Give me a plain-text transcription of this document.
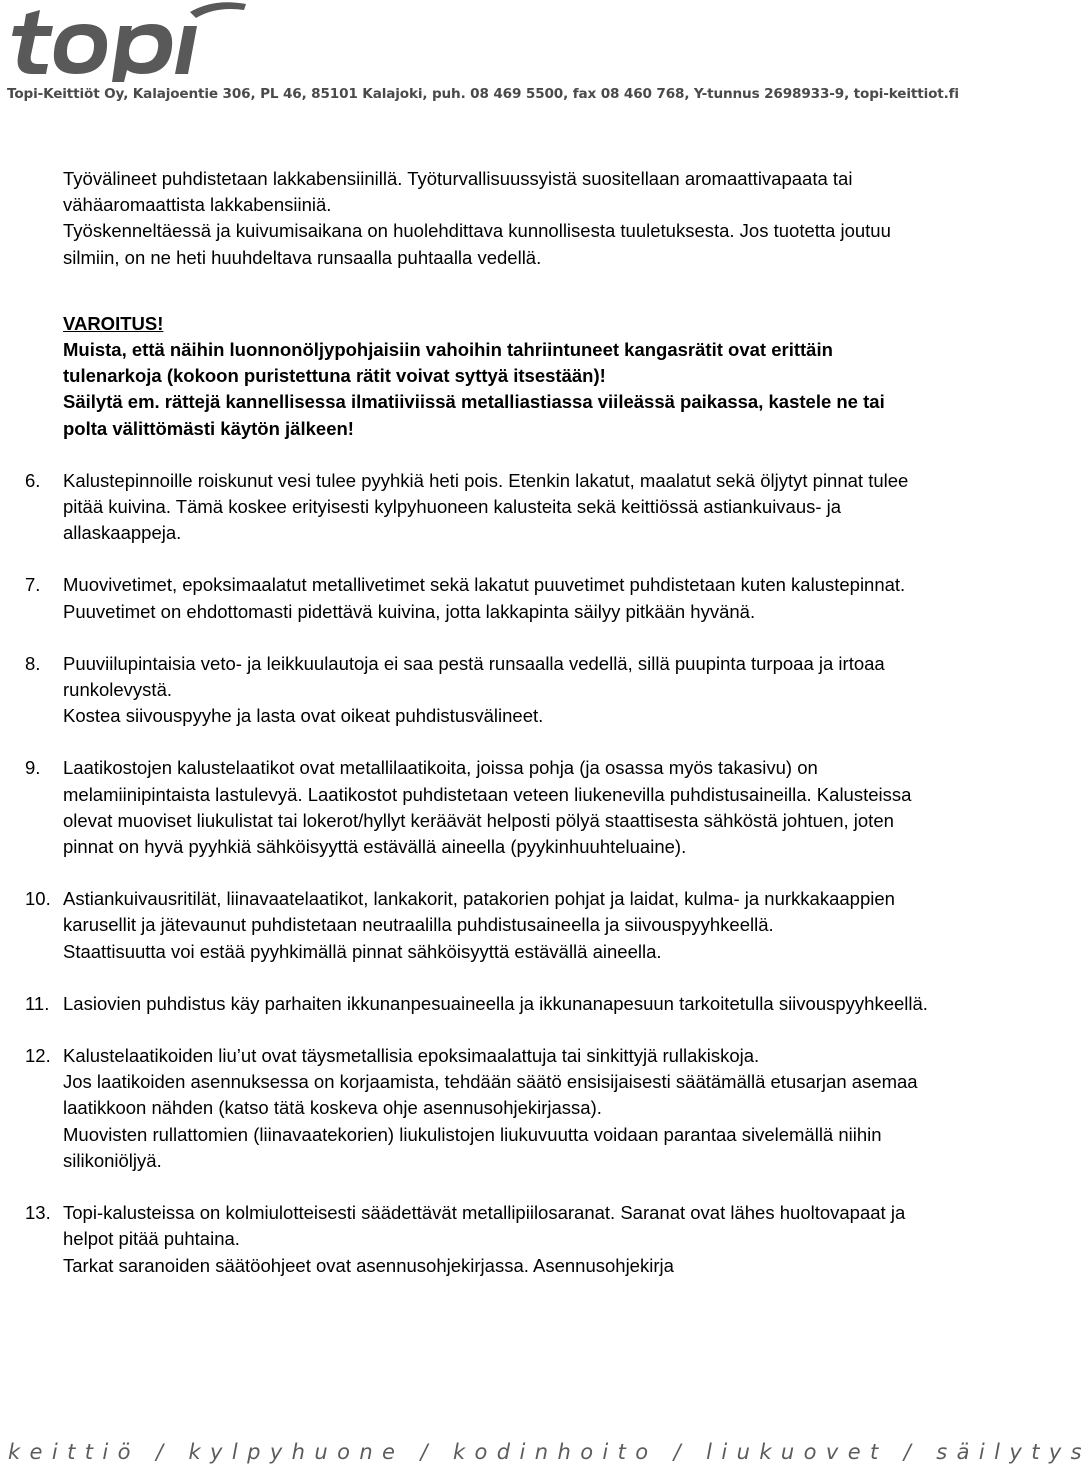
Topi-Keittiöt Oy, Kalajoentie 306, PL 46, 85101 Kalajoki, puh. 08 469 5500, fax 08 460 768, Y-tunnus 2698933-9, topi-keittiot.fi

Työvälineet puhdistetaan lakkabensiinillä. Työturvallisuussyistä suositellaan aromaattivapaata tai vähäaromaattista lakkabensiiniä.

Työskenneltäessä ja kuivumisaikana on huolehdittava kunnollisesta tuuletuksesta. Jos tuotetta joutuu silmiin, on ne heti huuhdeltava runsaalla puhtaalla vedellä.

VAROITUS!

Muista, että näihin luonnonöljypohjaisiin vahoihin tahriintuneet kangasrätit ovat erittäin tulenarkoja (kokoon puristettuna rätit voivat syttyä itsestään)!

Säilytä em. rättejä kannellisessa ilmatiiviissä metalliastiassa viileässä paikassa, kastele ne tai polta välittömästi käytön jälkeen!

6. Kalustepinnoille roiskunut vesi tulee pyyhkiä heti pois. Etenkin lakatut, maalatut sekä öljytyt pinnat tulee pitää kuivina. Tämä koskee erityisesti kylpyhuoneen kalusteita sekä keittiössä astiankuivaus- ja allaskaappeja.

7. Muovivetimet, epoksimaalatut metallivetimet sekä lakatut puuvetimet puhdistetaan kuten kalustepinnat.

Puuvetimet on ehdottomasti pidettävä kuivina, jotta lakkapinta säilyy pitkään hyvänä.

8. Puuviilupintaisia veto- ja leikkuulautoja ei saa pestä runsaalla vedellä, sillä puupinta turpoaa ja irtoaa runkolevystä.

Kostea siivouspyyhe ja lasta ovat oikeat puhdistusvälineet.

9. Laatikostojen kalustelaatikot ovat metallilaatikoita, joissa pohja (ja osassa myös takasivu) on melamiinipintaista lastulevyä. Laatikostot puhdistetaan veteen liukenevilla puhdistusaineilla. Kalusteissa olevat muoviset liukulistat tai lokerot/hyllyt keräävät helposti pölyä staattisesta sähköstä johtuen, joten pinnat on hyvä pyyhkiä sähköisyyttä estävällä aineella (pyykinhuuhteluaine).

10. Astiankuivausritilät, liinavaatelaatikot, lankakorit, patakorien pohjat ja laidat, kulma- ja nurkkakaappien karusellit ja jätevaunut puhdistetaan neutraalilla puhdistusaineella ja siivouspyyhkeellä.

Staattisuutta voi estää pyyhkimällä pinnat sähköisyyttä estävällä aineella.

11. Lasiovien puhdistus käy parhaiten ikkunanpesuaineella ja ikkunanapesuun tarkoitetulla siivouspyyhkeellä.

12. Kalustelaatikoiden liu’ut ovat täysmetallisia epoksimaalattuja tai sinkittyjä rullakiskoja.

Jos laatikoiden asennuksessa on korjaamista, tehdään säätö ensisijaisesti säätämällä etusarjan asemaa laatikkoon nähden (katso tätä koskeva ohje asennusohjekirjassa).

Muovisten rullattomien (liinavaatekorien) liukulistojen liukuvuutta voidaan parantaa sivelemällä niihin silikoniöljyä.

13. Topi-kalusteissa on kolmiulotteisesti säädettävät metallipiilosaranat. Saranat ovat lähes huoltovapaat ja helpot pitää puhtaina.

Tarkat saranoiden säätöohjeet ovat asennusohjekirjassa. Asennusohjekirja

keittiö / kylpyhuone / kodinhoito / liukuovet / säilytys
